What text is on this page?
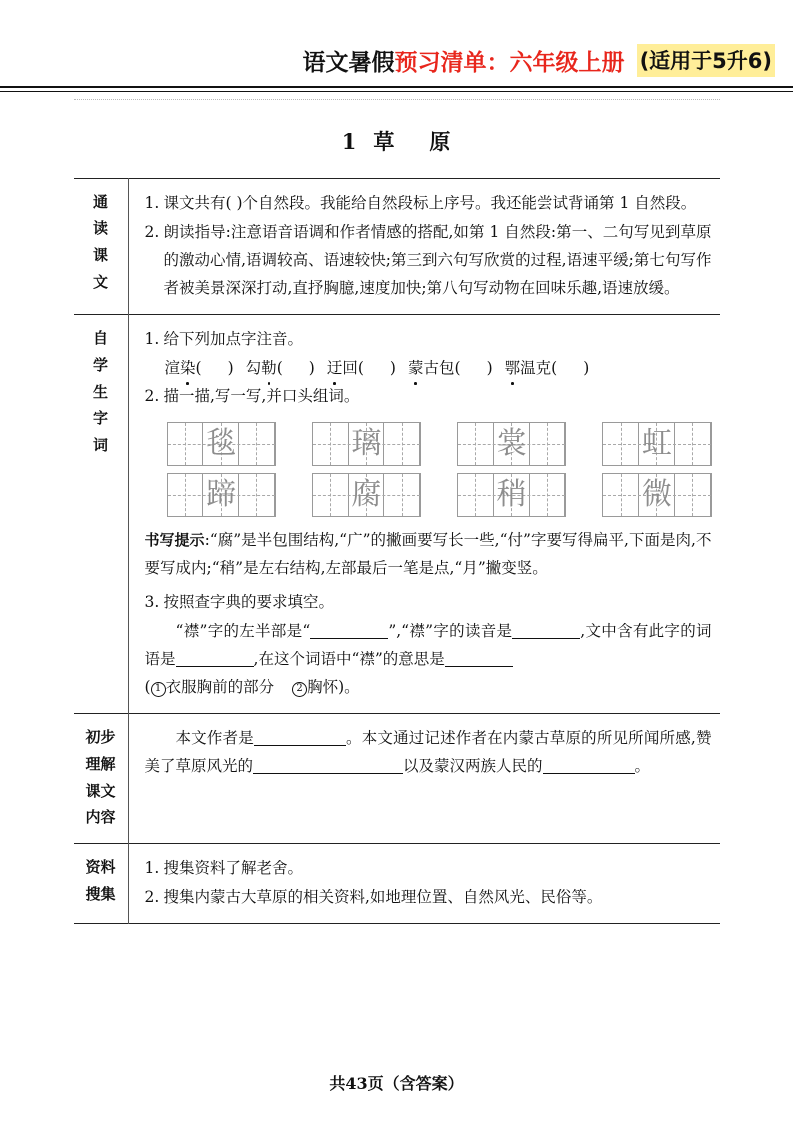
语文暑假预习清单：六年级上册 (适用于5升6)
1 草 原
通
读
课
文

1. 课文共有( )个自然段。我能给自然段标上序号。我还能尝试背诵第 1 自然段。
2. 朗读指导:注意语音语调和作者情感的搭配,如第 1 自然段:第一、二句写见到草原的激动心情,语调较高、语速较快;第三到六句写欣赏的过程,语速平缓;第七句写作者被美景深深打动,直抒胸臆,速度加快;第八句写动物在回味乐趣,语速放缓。

自
学
生
字
词

1. 给下列加点字注音。
渲染( ) 勾勒( ) 迂回( ) 蒙古包( ) 鄂温克( )
2. 描一描,写一写,并口头组词。
毯	璃	裳	虹
蹄	腐	稍	微
书写提示:“腐”是半包围结构,“广”的撇画要写长一些,“付”字要写得扁平,下面是肉,不要写成内;“稍”是左右结构,左部最后一笔是点,“月”撇变竖。
3. 按照查字典的要求填空。
“襟”字的左半部是“	”,“襟”字的读音是	,文中含有此字的词语是	,在这个词语中“襟”的意思是
( 1 衣服胸前的部分 2 胸怀)。

初步
理解
课文
内容	本文作者是 。本文通过记述作者在内蒙古草原的所见所闻所感,赞美了草原风光的 以及蒙汉两族人民的 。

资料
搜集

1. 搜集资料了解老舍。
2. 搜集内蒙古大草原的相关资料,如地理位置、自然风光、民俗等。
共43页（含答案）
